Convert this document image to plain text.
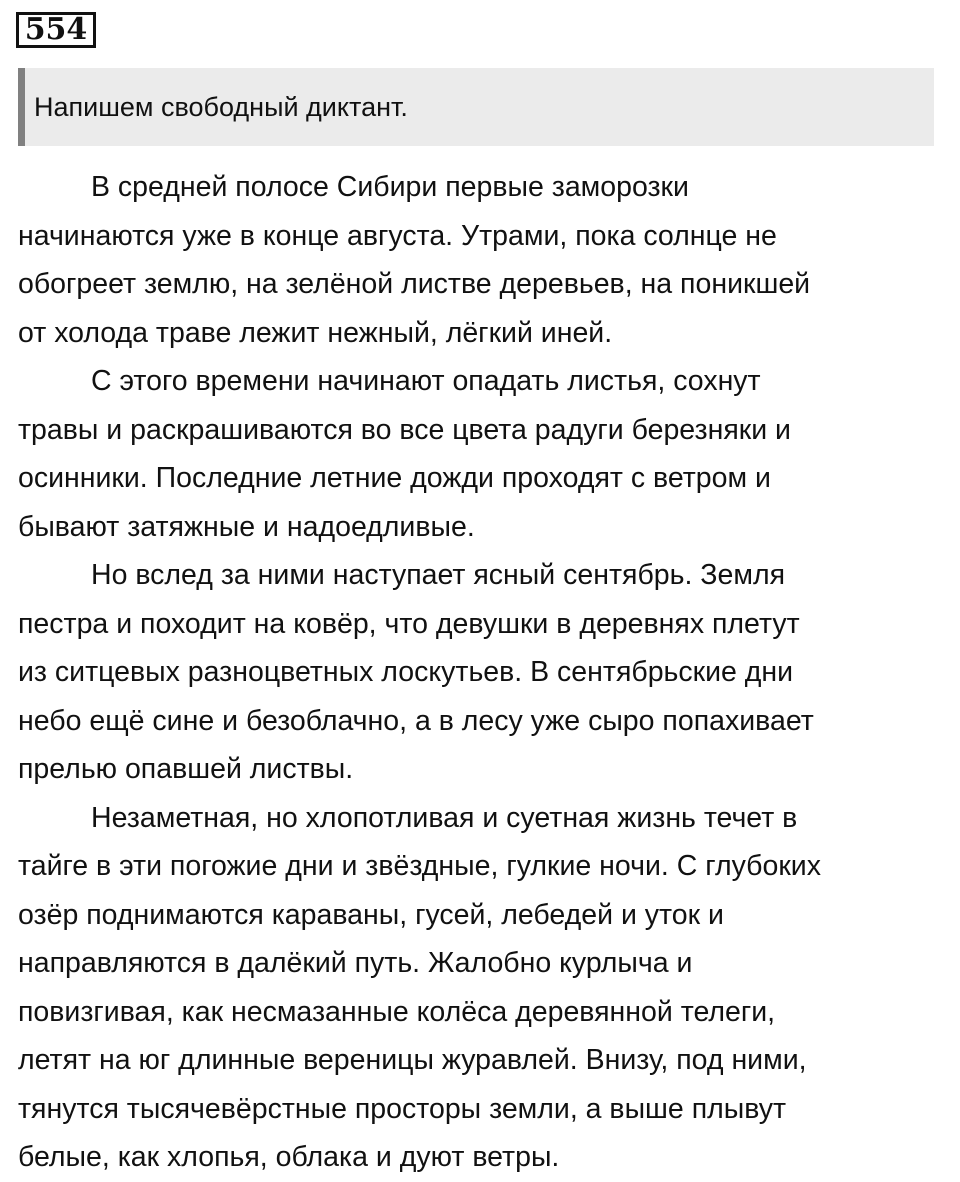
554
Напишем свободный диктант.
В средней полосе Сибири первые заморозки
начинаются уже в конце августа. Утрами, пока солнце не
обогреет землю, на зелёной листве деревьев, на поникшей
от холода траве лежит нежный, лёгкий иней.
С этого времени начинают опадать листья, сохнут
травы и раскрашиваются во все цвета радуги березняки и
осинники. Последние летние дожди проходят с ветром и
бывают затяжные и надоедливые.
Но вслед за ними наступает ясный сентябрь. Земля
пестра и походит на ковёр, что девушки в деревнях плетут
из ситцевых разноцветных лоскутьев. В сентябрьские дни
небо ещё сине и безоблачно, а в лесу уже сыро попахивает
прелью опавшей листвы.
Незаметная, но хлопотливая и суетная жизнь течет в
тайге в эти погожие дни и звёздные, гулкие ночи. С глубоких
озёр поднимаются караваны, гусей, лебедей и уток и
направляются в далёкий путь. Жалобно курлыча и
повизгивая, как несмазанные колёса деревянной телеги,
летят на юг длинные вереницы журавлей. Внизу, под ними,
тянутся тысячевёрстные просторы земли, а выше плывут
белые, как хлопья, облака и дуют ветры.
